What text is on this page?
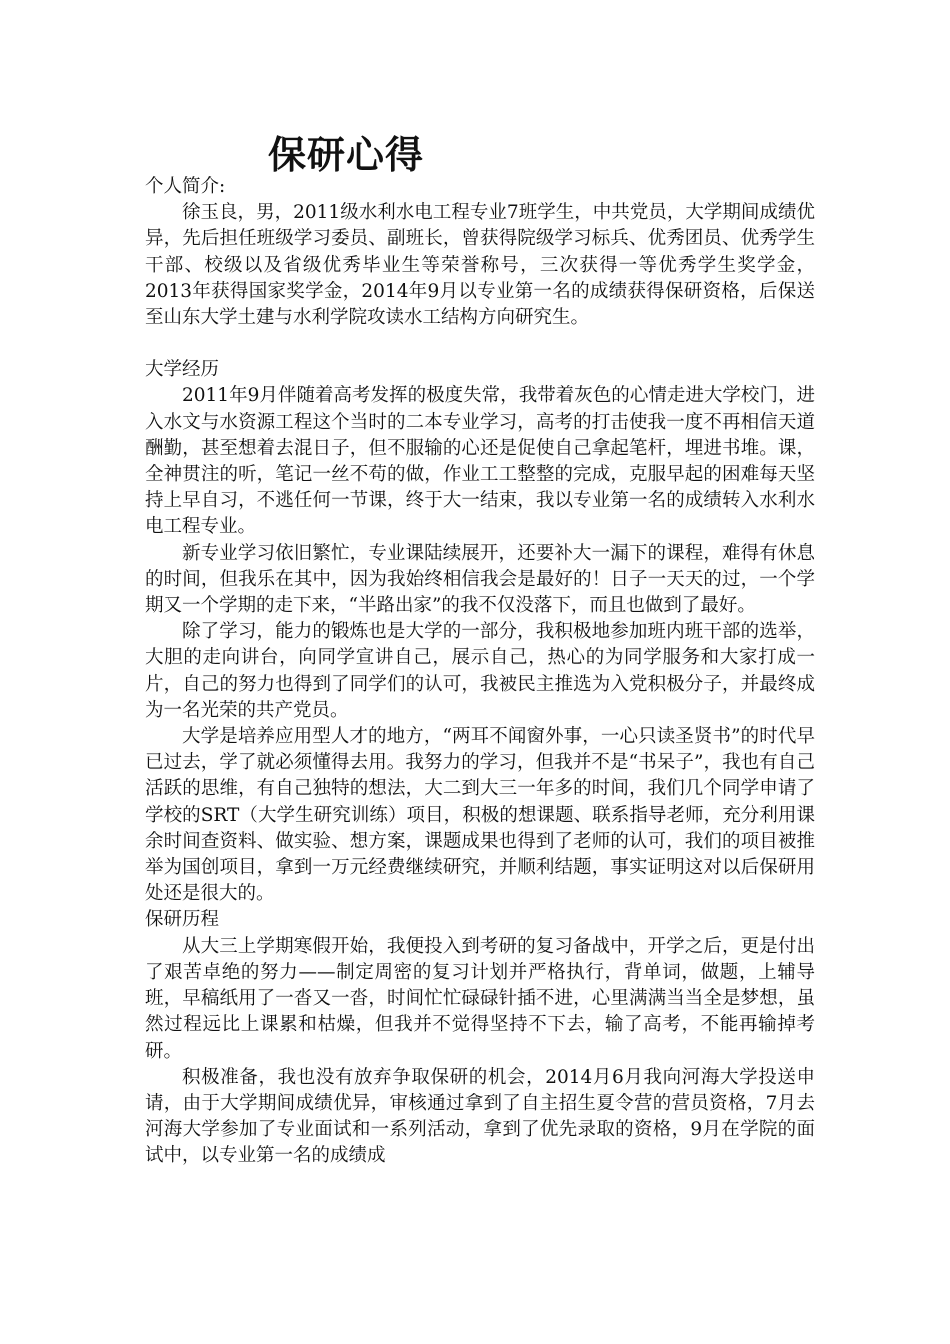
保研心得

个人简介:

徐玉良，男，2011级水利水电工程专业7班学生，中共党员，大学期间成绩优异，先后担任班级学习委员、副班长，曾获得院级学习标兵、优秀团员、优秀学生干部、校级以及省级优秀毕业生等荣誉称号，三次获得一等优秀学生奖学金，2013年获得国家奖学金，2014年9月以专业第一名的成绩获得保研资格，后保送至山东大学土建与水利学院攻读水工结构方向研究生。

大学经历

2011年9月伴随着高考发挥的极度失常，我带着灰色的心情走进大学校门，进入水文与水资源工程这个当时的二本专业学习，高考的打击使我一度不再相信天道酬勤，甚至想着去混日子，但不服输的心还是促使自己拿起笔杆，埋进书堆。课，全神贯注的听，笔记一丝不苟的做，作业工工整整的完成，克服早起的困难每天坚持上早自习，不逃任何一节课，终于大一结束，我以专业第一名的成绩转入水利水电工程专业。

新专业学习依旧繁忙，专业课陆续展开，还要补大一漏下的课程，难得有休息的时间，但我乐在其中，因为我始终相信我会是最好的！日子一天天的过，一个学期又一个学期的走下来，“半路出家”的我不仅没落下，而且也做到了最好。

除了学习，能力的锻炼也是大学的一部分，我积极地参加班内班干部的选举，大胆的走向讲台，向同学宣讲自己，展示自己，热心的为同学服务和大家打成一片，自己的努力也得到了同学们的认可，我被民主推选为入党积极分子，并最终成为一名光荣的共产党员。

大学是培养应用型人才的地方，“两耳不闻窗外事，一心只读圣贤书”的时代早已过去，学了就必须懂得去用。我努力的学习，但我并不是“书呆子”，我也有自己活跃的思维，有自己独特的想法，大二到大三一年多的时间，我们几个同学申请了学校的SRT（大学生研究训练）项目，积极的想课题、联系指导老师，充分利用课余时间查资料、做实验、想方案，课题成果也得到了老师的认可，我们的项目被推举为国创项目，拿到一万元经费继续研究，并顺利结题，事实证明这对以后保研用处还是很大的。

保研历程

从大三上学期寒假开始，我便投入到考研的复习备战中，开学之后，更是付出了艰苦卓绝的努力——制定周密的复习计划并严格执行，背单词，做题，上辅导班，早稿纸用了一沓又一沓，时间忙忙碌碌针插不进，心里满满当当全是梦想，虽然过程远比上课累和枯燥，但我并不觉得坚持不下去，输了高考，不能再输掉考研。

积极准备，我也没有放弃争取保研的机会，2014月6月我向河海大学投送申请，由于大学期间成绩优异，审核通过拿到了自主招生夏令营的营员资格，7月去河海大学参加了专业面试和一系列活动，拿到了优先录取的资格，9月在学院的面试中，以专业第一名的成绩成
